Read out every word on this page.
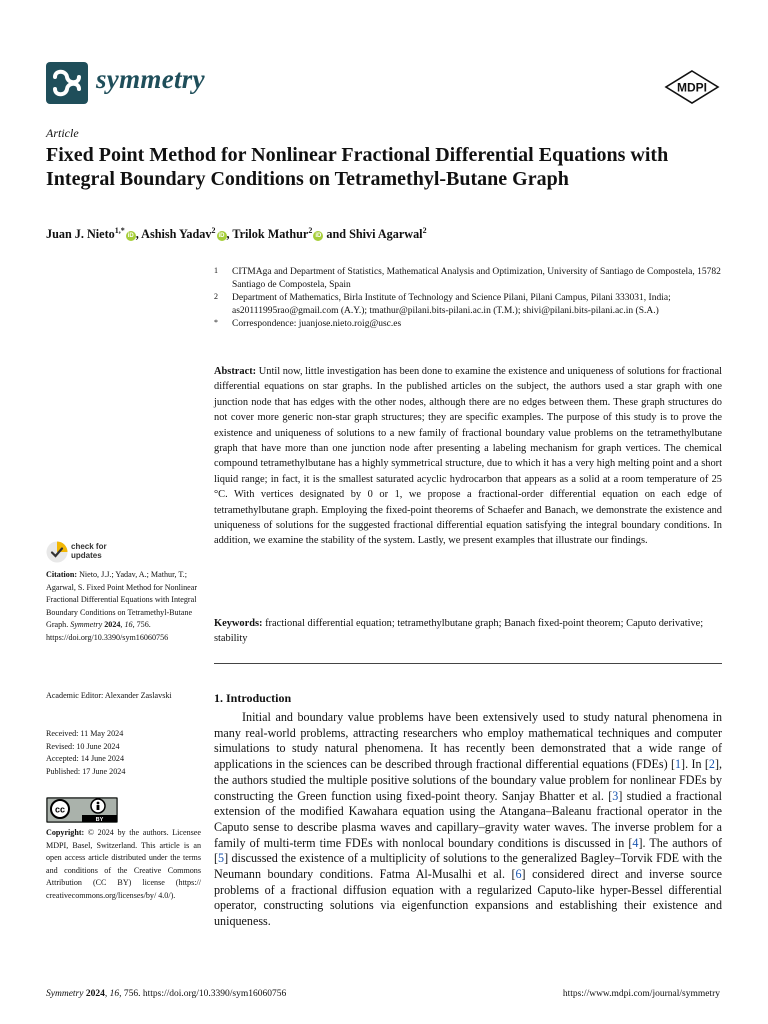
symmetry	MDPI
Article
Fixed Point Method for Nonlinear Fractional Differential Equations with Integral Boundary Conditions on Tetramethyl-Butane Graph
Juan J. Nieto$^{1,*}$iD , Ashish Yadav$^2$iD , Trilok Mathur$^2$iD and Shivi Agarwal$^2$
1 CITMAga and Department of Statistics, Mathematical Analysis and Optimization, University of Santiago de Compostela, 15782 Santiago de Compostela, Spain
2 Department of Mathematics, Birla Institute of Technology and Science Pilani, Pilani Campus, Pilani 333031, India; as20111995rao@gmail.com (A.Y.); tmathur@pilani.bits-pilani.ac.in (T.M.); shivi@pilani.bits-pilani.ac.in (S.A.)
* Correspondence: juanjose.nieto.roig@usc.es

Abstract: Until now, little investigation has been done to examine the existence and uniqueness of solutions for fractional differential equations on star graphs. In the published articles on the subject, the authors used a star graph with one junction node that has edges with the other nodes, although there are no edges between them. These graph structures do not cover more generic non-star graph structures; they are specific examples. The purpose of this study is to prove the existence and uniqueness of solutions to a new family of fractional boundary value problems on the tetramethylbutane graph that have more than one junction node after presenting a labeling mechanism for graph vertices. The chemical compound tetramethylbutane has a highly symmetrical structure, due to which it has a very high melting point and a short liquid range; in fact, it is the smallest saturated acyclic hydrocarbon that appears as a solid at a room temperature of 25 °C. With vertices designated by 0 or 1, we propose a fractional-order differential equation on each edge of tetramethylbutane graph. Employing the fixed-point theorems of Schaefer and Banach, we demonstrate the existence and uniqueness of solutions for the suggested fractional differential equation satisfying the integral boundary conditions. In addition, we examine the stability of the system. Lastly, we present examples that illustrate our findings.

Keywords: fractional differential equation; tetramethylbutane graph; Banach fixed-point theorem; Caputo derivative; stability

check for
updates
Citation: Nieto, J.J.; Yadav, A.; Mathur, T.; Agarwal, S. Fixed Point Method for Nonlinear Fractional Differential Equations with Integral Boundary Conditions on Tetramethyl-Butane Graph. Symmetry 2024, 16, 756. https://doi.org/10.3390/sym16060756
Academic Editor: Alexander Zaslavski
Received: 11 May 2024
Revised: 10 June 2024
Accepted: 14 June 2024
Published: 17 June 2024
cc
BY
Copyright: © 2024 by the authors. Licensee MDPI, Basel, Switzerland. This article is an open access article distributed under the terms and conditions of the Creative Commons Attribution (CC BY) license (https:// creativecommons.org/licenses/by/ 4.0/).
1. Introduction

Initial and boundary value problems have been extensively used to study natural phenomena in many real-world problems, attracting researchers who employ mathematical techniques and computer simulations to study natural phenomena. It has recently been demonstrated that a wide range of applications in the sciences can be described through fractional differential equations (FDEs) [1]. In [2], the authors studied the multiple positive solutions of the boundary value problem for nonlinear FDEs by constructing the Green function using fixed-point theory. Sanjay Bhatter et al. [3] studied a fractional extension of the modified Kawahara equation using the Atangana–Baleanu fractional operator in the Caputo sense to describe plasma waves and capillary–gravity water waves. The inverse problem for a family of multi-term time FDEs with nonlocal boundary conditions is discussed in [4]. The authors of [5] discussed the existence of a multiplicity of solutions to the generalized Bagley–Torvik FDE with the Neumann boundary conditions. Fatma Al-Musalhi et al. [6] considered direct and inverse source problems of a fractional diffusion equation with a regularized Caputo-like hyper-Bessel differential operator, constructing solutions via eigenfunction expansions and establishing their existence and uniqueness.

Symmetry 2024, 16, 756. https://doi.org/10.3390/sym16060756	https://www.mdpi.com/journal/symmetry
